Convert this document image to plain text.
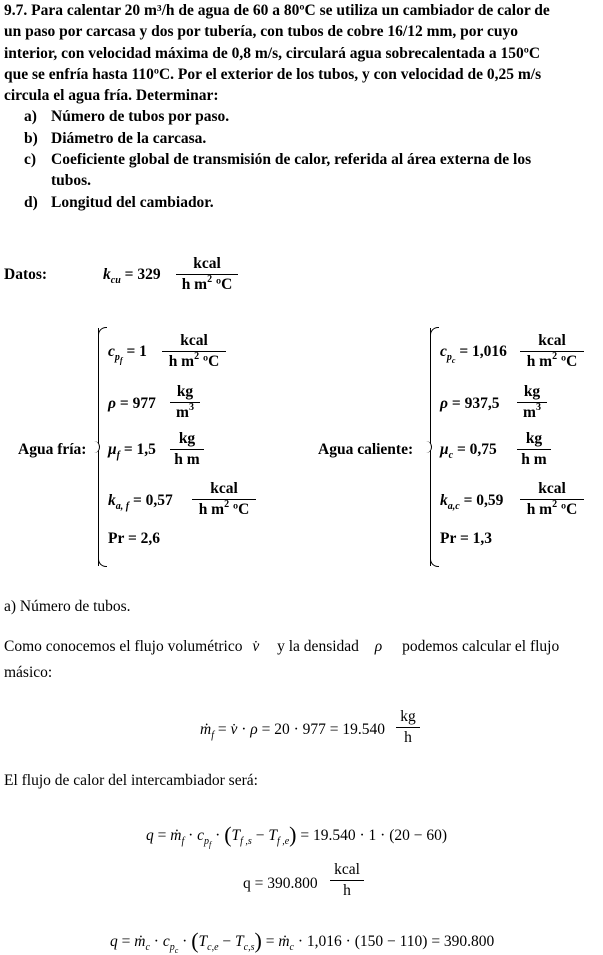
9.7. Para calentar 20 m³/h de agua de 60 a 80ºC se utiliza un cambiador de calor de
un paso por carcasa y dos por tubería, con tubos de cobre 16/12 mm, por cuyo
interior, con velocidad máxima de 0,8 m/s, circulará agua sobrecalentada a 150ºC
que se enfría hasta 110ºC. Por el exterior de los tubos, y con velocidad de 0,25 m/s
circula el agua fría. Determinar:
a) Número de tubos por paso.
b) Diámetro de la carcasa.
c) Coeficiente global de transmisión de calor, referida al área externa de los
tubos.
d) Longitud del cambiador.
Datos:	$k_{cu} = 329$
kcal
h $m^2$ ºC
Agua fría:
$c_{p_f} = 1$
kcal
h $m^2$ ºC
ρ = 977
kg
$m^3$
$\mu_f = 1,5$
kg
h m
$k_{a, f} = 0,57$
kcal
h $m^2$ ºC
Pr = 2,6
Agua caliente:
$c_{p_c} = 1,016$
kcal
h $m^2$ ºC
ρ = 937,5
kg
$m^3$
$\mu_c = 0,75$
kg
h m
$k_{a,c} = 0,59$
kcal
h $m^2$ ºC
Pr = 1,3
a) Número de tubos.
Como conocemos el flujo volumétrico v̇ y la densidad ρ podemos calcular el flujo
másico:
ṁ$_f$ = v̇ · ρ = 20 · 977 = 19.540
kg
h
El flujo de calor del intercambiador será:
q = ṁ$_f$ · $c_{p_f} \cdot (T_{f ,s} - T_{f ,e}) = 19.540 \cdot 1 \cdot (20 - 60)$
q = 390.800
kcal
h
q = ṁ$_c$ · $c_{p_c} \cdot (T_{c,e} - T_{c,s})$ = ṁ$_c$ · 1,016 · (150 − 110) = 390.800
